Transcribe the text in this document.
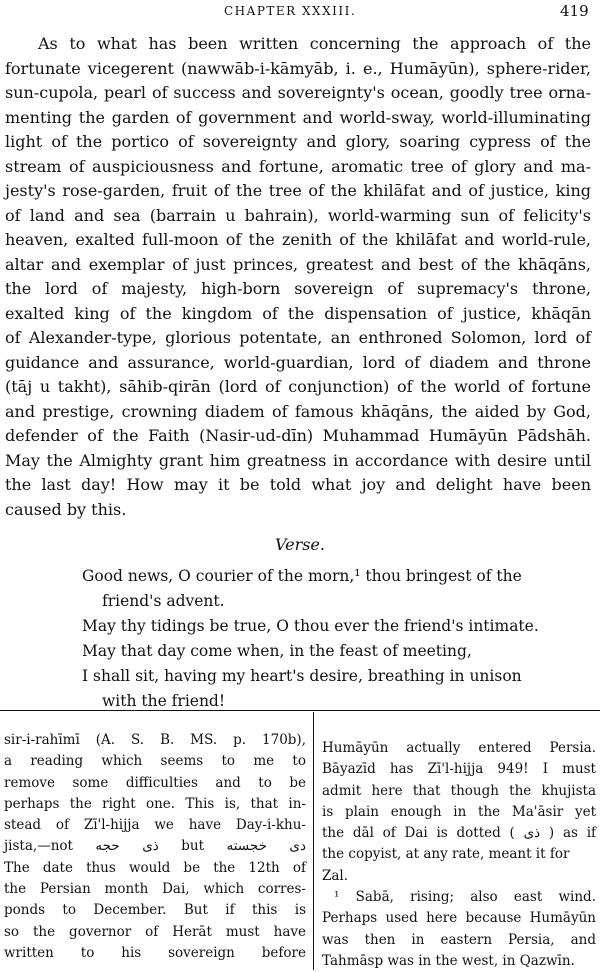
CHAPTER XXXIII.	419
As to what has been written concerning the approach of the
fortunate vicegerent (nawwāb-i-kāmyāb, i. e., Humāyūn), sphere-rider,
sun-cupola, pearl of success and sovereignty's ocean, goodly tree orna-
menting the garden of government and world-sway, world-illuminating
light of the portico of sovereignty and glory, soaring cypress of the
stream of auspiciousness and fortune, aromatic tree of glory and ma-
jesty's rose-garden, fruit of the tree of the khilāfat and of justice, king
of land and sea (barrain u bahrain), world-warming sun of felicity's
heaven, exalted full-moon of the zenith of the khilāfat and world-rule,
altar and exemplar of just princes, greatest and best of the khāqāns,
the lord of majesty, high-born sovereign of supremacy's throne,
exalted king of the kingdom of the dispensation of justice, khāqān
of Alexander-type, glorious potentate, an enthroned Solomon, lord of
guidance and assurance, world-guardian, lord of diadem and throne
(tāj u takht), sāhib-qirān (lord of conjunction) of the world of fortune
and prestige, crowning diadem of famous khāqāns, the aided by God,
defender of the Faith (Nasir-ud-dīn) Muhammad Humāyūn Pādshāh.
May the Almighty grant him greatness in accordance with desire until
the last day! How may it be told what joy and delight have been
caused by this.
Verse.
Good news, O courier of the morn,¹ thou bringest of the
friend's advent.
May thy tidings be true, O thou ever the friend's intimate.
May that day come when, in the feast of meeting,
I shall sit, having my heart's desire, breathing in unison
with the friend!
sir-i-rahīmī (A. S. B. MS. p. 170b),
a reading which seems to me to
remove some difficulties and to be
perhaps the right one. This is, that in-
stead of Zī'l-hijja we have Day-i-khu-
jista,—not ذی حجه but دی خجسته
The date thus would be the 12th of
the Persian month Dai, which corres-
ponds to December. But if this is
so the governor of Herāt must have
written to his sovereign before
Humāyūn actually entered Persia.
Bāyazīd has Zī'l-hijja 949! I must
admit here that though the khujista
is plain enough in the Ma'āsir yet
the dāl of Dai is dotted ( ذی ) as if
the copyist, at any rate, meant it for
Zal.
¹ Sabā, rising; also east wind.
Perhaps used here because Humāyūn
was then in eastern Persia, and
Tahmāsp was in the west, in Qazwīn.
